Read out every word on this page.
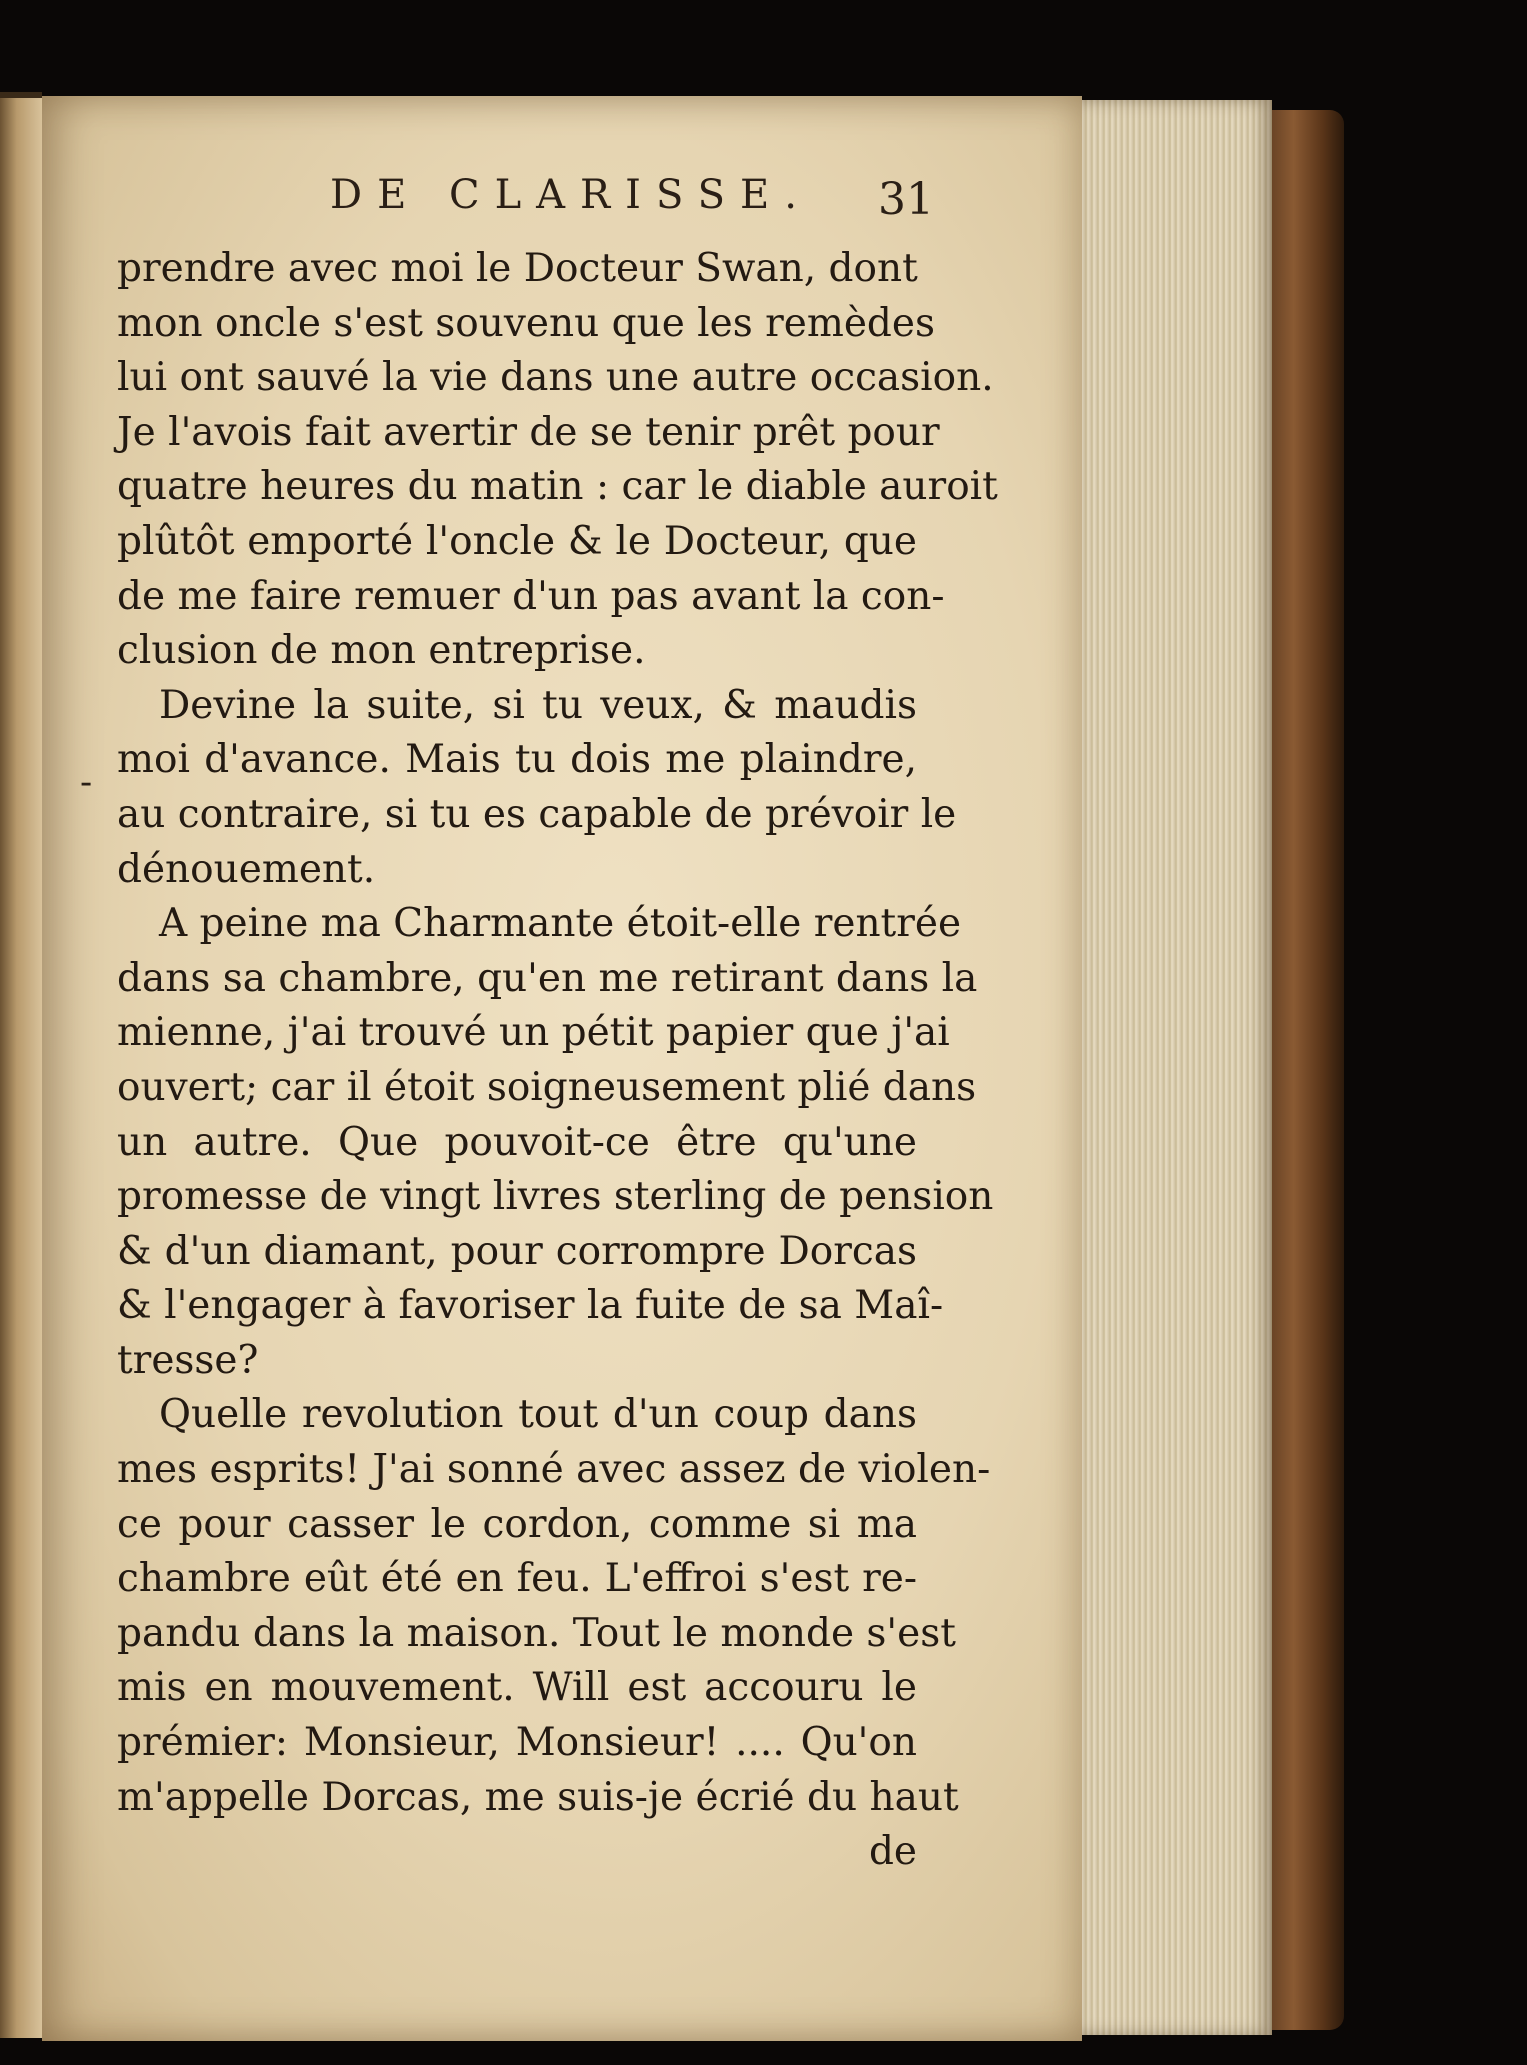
DE CLARISSE. 31
-
prendre avec moi le Docteur Swan, dont
mon oncle s'est souvenu que les remèdes
lui ont sauvé la vie dans une autre occasion.
Je l'avois fait avertir de se tenir prêt pour
quatre heures du matin : car le diable auroit
plûtôt emporté l'oncle & le Docteur, que
de me faire remuer d'un pas avant la con-
clusion de mon entreprise.
Devine la suite, si tu veux, & maudis
moi d'avance. Mais tu dois me plaindre,
au contraire, si tu es capable de prévoir le
dénouement.
A peine ma Charmante étoit-elle rentrée
dans sa chambre, qu'en me retirant dans la
mienne, j'ai trouvé un pétit papier que j'ai
ouvert; car il étoit soigneusement plié dans
un autre. Que pouvoit-ce être qu'une
promesse de vingt livres sterling de pension
& d'un diamant, pour corrompre Dorcas
& l'engager à favoriser la fuite de sa Maî-
tresse?
Quelle revolution tout d'un coup dans
mes esprits! J'ai sonné avec assez de violen-
ce pour casser le cordon, comme si ma
chambre eût été en feu. L'effroi s'est re-
pandu dans la maison. Tout le monde s'est
mis en mouvement. Will est accouru le
prémier: Monsieur, Monsieur! .... Qu'on
m'appelle Dorcas, me suis-je écrié du haut
de
